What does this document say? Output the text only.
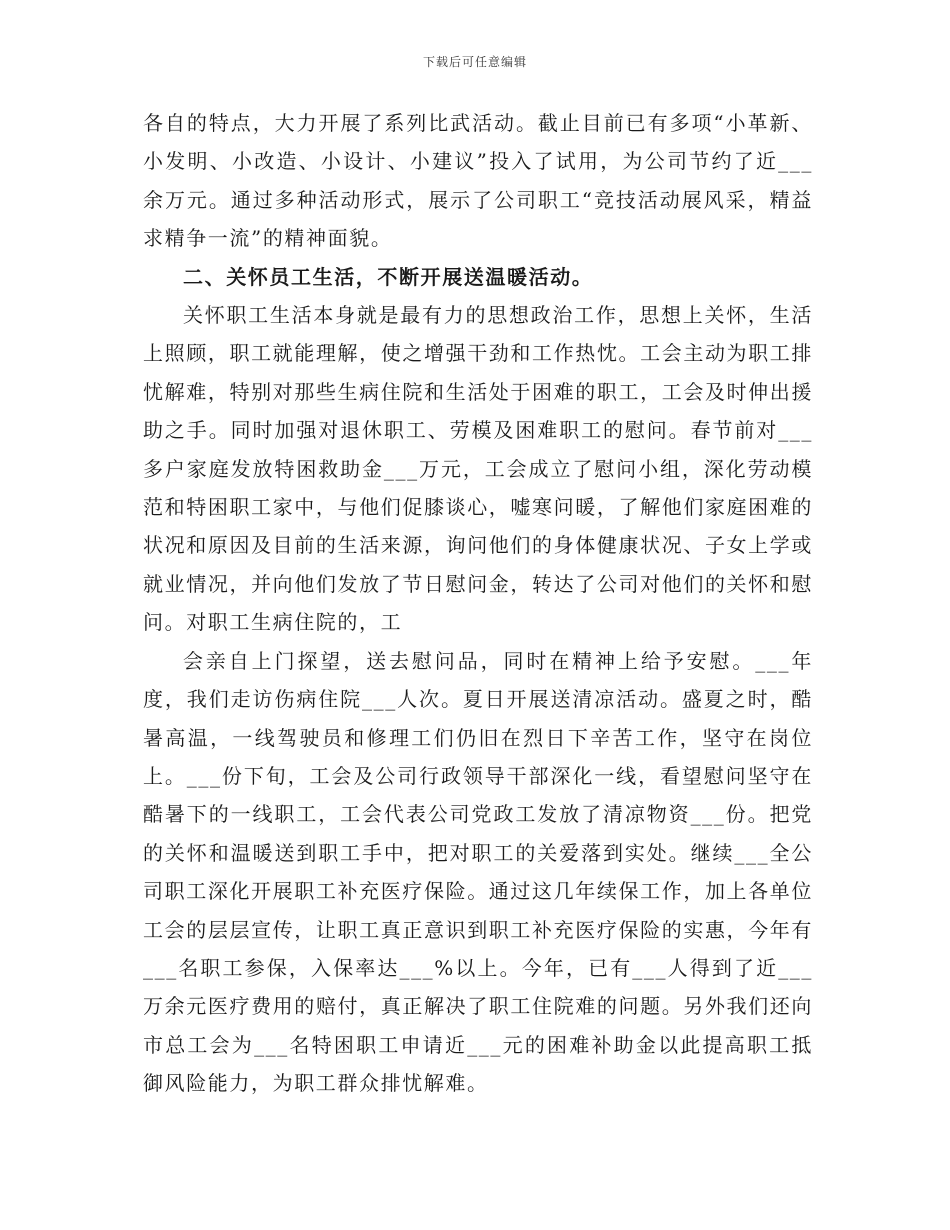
下载后可任意编辑

各自的特点，大力开展了系列比武活动。截止目前已有多项“小革新、小发明、小改造、小设计、小建议”投入了试用，为公司节约了近___余万元。通过多种活动形式，展示了公司职工“竞技活动展风采，精益求精争一流”的精神面貌。

二、关怀员工生活，不断开展送温暖活动。

关怀职工生活本身就是最有力的思想政治工作，思想上关怀，生活上照顾，职工就能理解，使之增强干劲和工作热忱。工会主动为职工排忧解难，特别对那些生病住院和生活处于困难的职工，工会及时伸出援助之手。同时加强对退休职工、劳模及困难职工的慰问。春节前对___多户家庭发放特困救助金___万元，工会成立了慰问小组，深化劳动模范和特困职工家中，与他们促膝谈心，嘘寒问暖，了解他们家庭困难的状况和原因及目前的生活来源，询问他们的身体健康状况、子女上学或就业情况，并向他们发放了节日慰问金，转达了公司对他们的关怀和慰问。对职工生病住院的，工

会亲自上门探望，送去慰问品，同时在精神上给予安慰。___年度，我们走访伤病住院___人次。夏日开展送清凉活动。盛夏之时，酷暑高温，一线驾驶员和修理工们仍旧在烈日下辛苦工作，坚守在岗位上。___份下旬，工会及公司行政领导干部深化一线，看望慰问坚守在酷暑下的一线职工，工会代表公司党政工发放了清凉物资___份。把党的关怀和温暖送到职工手中，把对职工的关爱落到实处。继续___全公司职工深化开展职工补充医疗保险。通过这几年续保工作，加上各单位工会的层层宣传，让职工真正意识到职工补充医疗保险的实惠，今年有___名职工参保，入保率达___%以上。今年，已有___人得到了近___万余元医疗费用的赔付，真正解决了职工住院难的问题。另外我们还向市总工会为___名特困职工申请近___元的困难补助金以此提高职工抵御风险能力，为职工群众排忧解难。
